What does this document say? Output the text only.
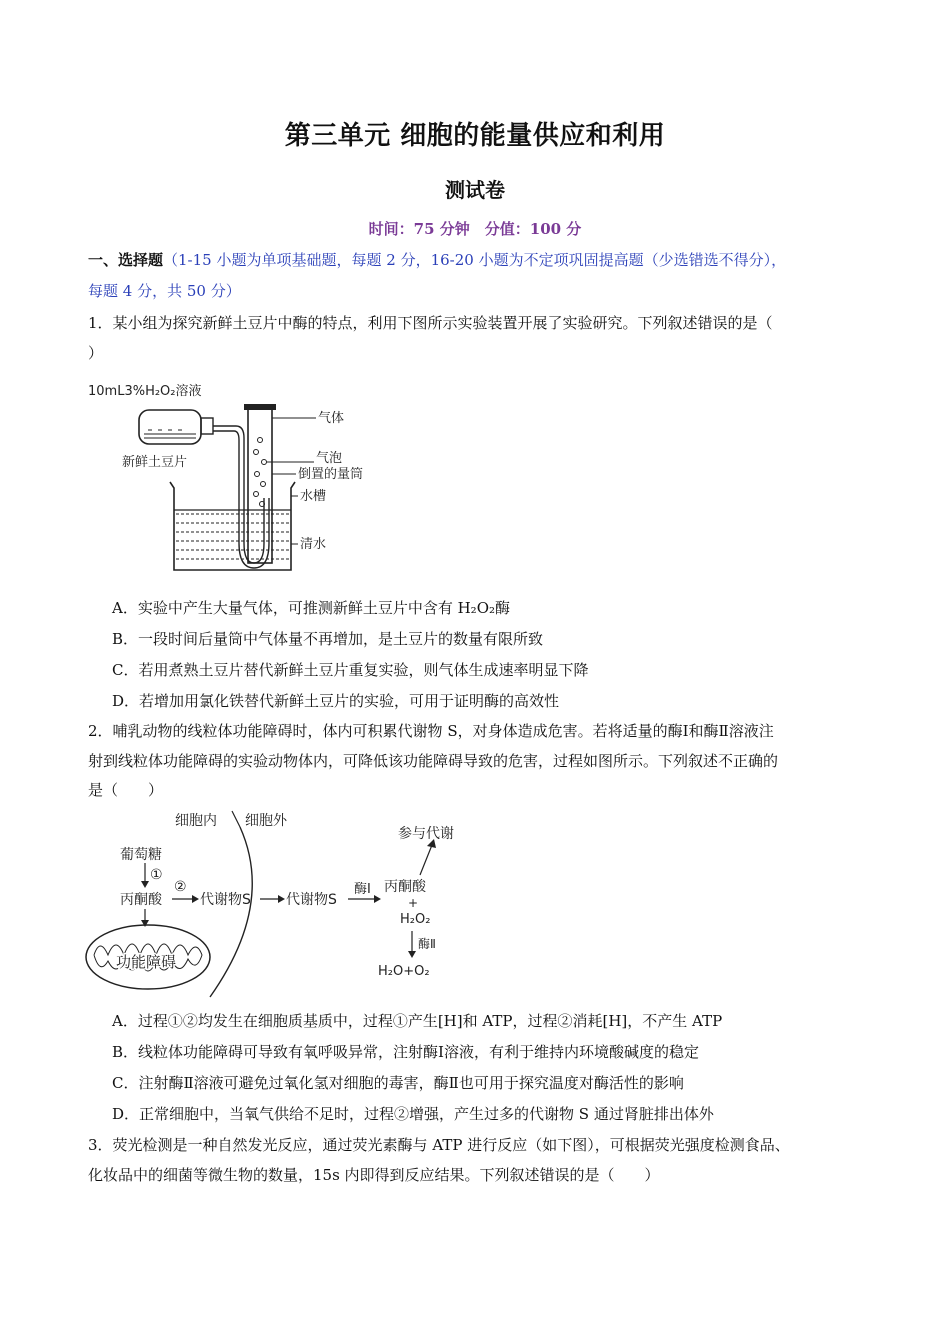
第三单元 细胞的能量供应和利用
测试卷
时间：75 分钟　分值：100 分
一、选择题（1-15 小题为单项基础题，每题 2 分，16-20 小题为不定项巩固提高题（少选错选不得分），
每题 4 分，共 50 分）
1．某小组为探究新鲜土豆片中酶的特点，利用下图所示实验装置开展了实验研究。下列叙述错误的是（
）
10mL3%H₂O₂溶液
新鲜土豆片
气体
气泡
倒置的量筒
水槽
清水
A．实验中产生大量气体，可推测新鲜土豆片中含有 H₂O₂酶
B．一段时间后量筒中气体量不再增加，是土豆片的数量有限所致
C．若用煮熟土豆片替代新鲜土豆片重复实验，则气体生成速率明显下降
D．若增加用氯化铁替代新鲜土豆片的实验，可用于证明酶的高效性
2．哺乳动物的线粒体功能障碍时，体内可积累代谢物 S，对身体造成危害。若将适量的酶Ⅰ和酶Ⅱ溶液注
射到线粒体功能障碍的实验动物体内，可降低该功能障碍导致的危害，过程如图所示。下列叙述不正确的
是（　　）
细胞内 细胞外
葡萄糖
①
丙酮酸
②
代谢物S	代谢物S
酶Ⅰ 丙酮酸
参与代谢
+
H₂O₂
酶Ⅱ
H₂O+O₂
功能障碍
A．过程①②均发生在细胞质基质中，过程①产生[H]和 ATP，过程②消耗[H]，不产生 ATP
B．线粒体功能障碍可导致有氧呼吸异常，注射酶Ⅰ溶液，有利于维持内环境酸碱度的稳定
C．注射酶Ⅱ溶液可避免过氧化氢对细胞的毒害，酶Ⅱ也可用于探究温度对酶活性的影响
D．正常细胞中，当氧气供给不足时，过程②增强，产生过多的代谢物 S 通过肾脏排出体外
3．荧光检测是一种自然发光反应，通过荧光素酶与 ATP 进行反应（如下图），可根据荧光强度检测食品、
化妆品中的细菌等微生物的数量，15s 内即得到反应结果。下列叙述错误的是（　　）
